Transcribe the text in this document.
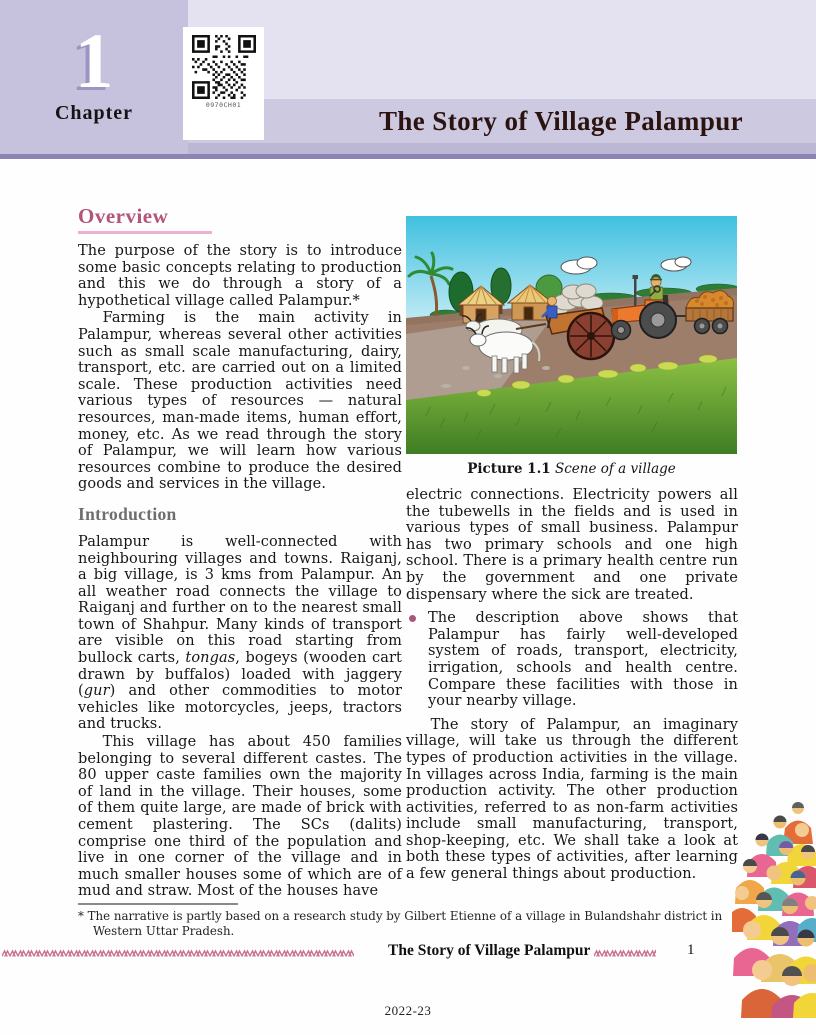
The Story of Village Palampur
1
Chapter	0970CH01
Overview

The purpose of the story is to introduce some basic concepts relating to production and this we do through a story of a hypothetical village called Palampur.*

Farming is the main activity in Palampur, whereas several other activities such as small scale manufacturing, dairy, transport, etc. are carried out on a limited scale. These production activities need various types of resources — natural resources, man-made items, human effort, money, etc. As we read through the story of Palampur, we will learn how various resources combine to produce the desired goods and services in the village.

Introduction

Palampur is well-connected with neighbouring villages and towns. Raiganj, a big village, is 3 kms from Palampur. An all weather road connects the village to Raiganj and further on to the nearest small town of Shahpur. Many kinds of transport are visible on this road starting from bullock carts, tongas, bogeys (wooden cart drawn by buffalos) loaded with jaggery (gur) and other commodities to motor vehicles like motorcycles, jeeps, tractors and trucks.

This village has about 450 families belonging to several different castes. The 80 upper caste families own the majority of land in the village. Their houses, some of them quite large, are made of brick with cement plastering. The SCs (dalits) comprise one third of the population and live in one corner of the village and in much smaller houses some of which are of mud and straw. Most of the houses have

Picture 1.1 Scene of a village

electric connections. Electricity powers all the tubewells in the fields and is used in various types of small business. Palampur has two primary schools and one high school. There is a primary health centre run by the government and one private dispensary where the sick are treated.

The description above shows that Palampur has fairly well-developed system of roads, transport, electricity, irrigation, schools and health centre. Compare these facilities with those in your nearby village.

The story of Palampur, an imaginary village, will take us through the different types of production activities in the village. In villages across India, farming is the main production activity. The other production activities, referred to as non-farm activities include small manufacturing, transport, shop-keeping, etc. We shall take a look at both these types of activities, after learning a few general things about production.

* The narrative is partly based on a research study by Gilbert Etienne of a village in Bulandshahr district in Western Uttar Pradesh.
The Story of Village Palampur	1
2022-23
